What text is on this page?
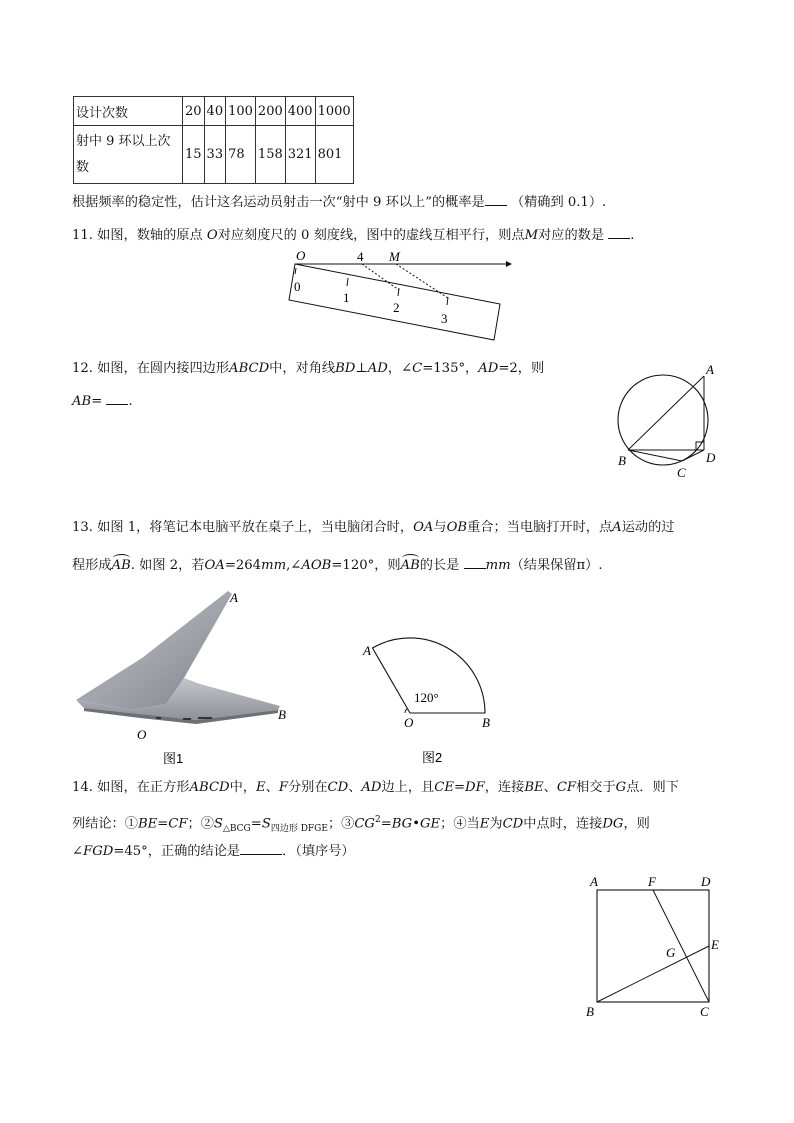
设计次数	20	40	100	200	400	1000
射中 9 环以上次
数	15	33	78	158	321	801
根据频率的稳定性，估计这名运动员射击一次“射中 9 环以上”的概率是 （精确到 0.1）.
11. 如图，数轴的原点 O对应刻度尺的 0 刻度线，图中的虚线互相平行，则点M对应的数是 .
O	4 M
0
1
2
3
12. 如图，在圆内接四边形ABCD中，对角线BD⊥AD，∠C=135°，AD=2，则
AB= .
A
B
C
D
13. 如图 1，将笔记本电脑平放在桌子上，当电脑闭合时，OA与OB重合；当电脑打开时，点A运动的过
程形成AB. 如图 2，若OA=264mm,∠AOB=120°，则AB的长是 mm（结果保留π）.
A
B
O
图1
A
O	B
120°
图2
14. 如图，在正方形ABCD中，E、F分别在CD、AD边上，且CE=DF，连接BE、CF相交于G点．则下
列结论：①BE=CF；$②S_{\triangle BCG}=S_{四边形 DFGE}$；$③CG^2=BG•GE$；④当E为CD中点时，连接DG，则
∠FGD=45°，正确的结论是	．（填序号）
A	F	D
G
E
B	C
